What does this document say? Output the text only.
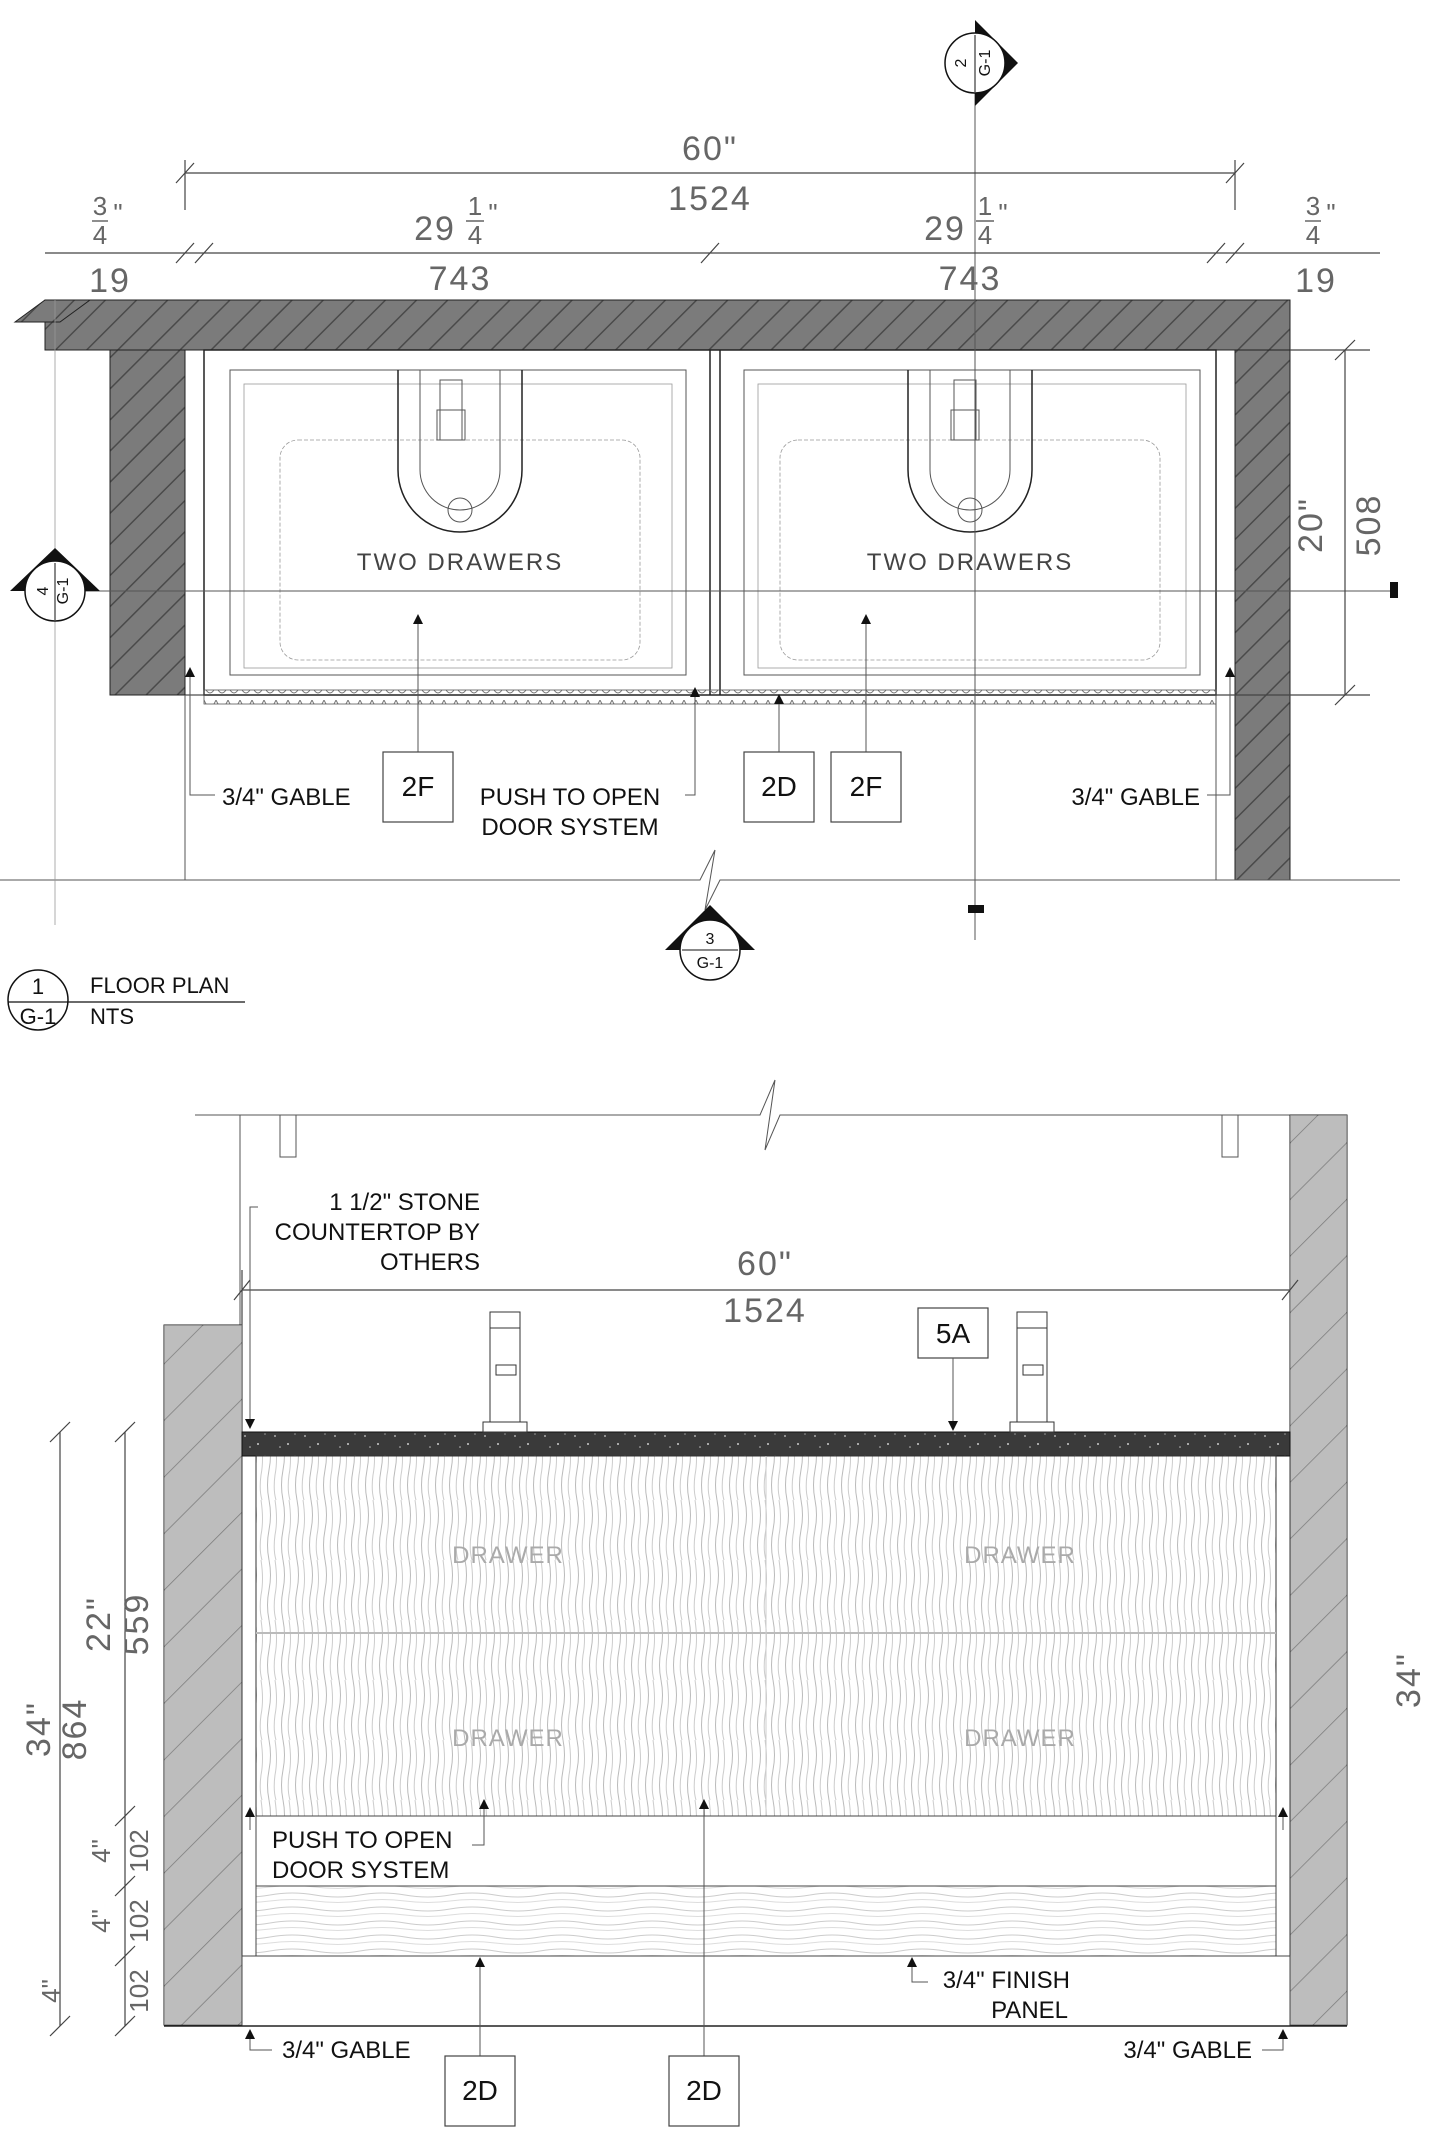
TWO DRAWERS	TWO DRAWERS
60"
1524
29
1
4
"
743
29
1
4
"
743
3
4
"
19
3
4
"
19
20" 508
3/4" GABLE	3/4" GABLE
PUSH TO OPEN
DOOR SYSTEM
2F	2D 2F
2 G-1
4 G-1
3
G-1
1
G-1
FLOOR PLAN
NTS
60"
1524
1 1/2" STONE
COUNTERTOP BY
OTHERS
5A
DRAWER	DRAWER
DRAWER	DRAWER
PUSH TO OPEN
DOOR SYSTEM
3/4" FINISH
PANEL
3/4" GABLE	3/4" GABLE
2D	2D
34"
864
22" 559
4" 102
4" 102
4" 102
34"
